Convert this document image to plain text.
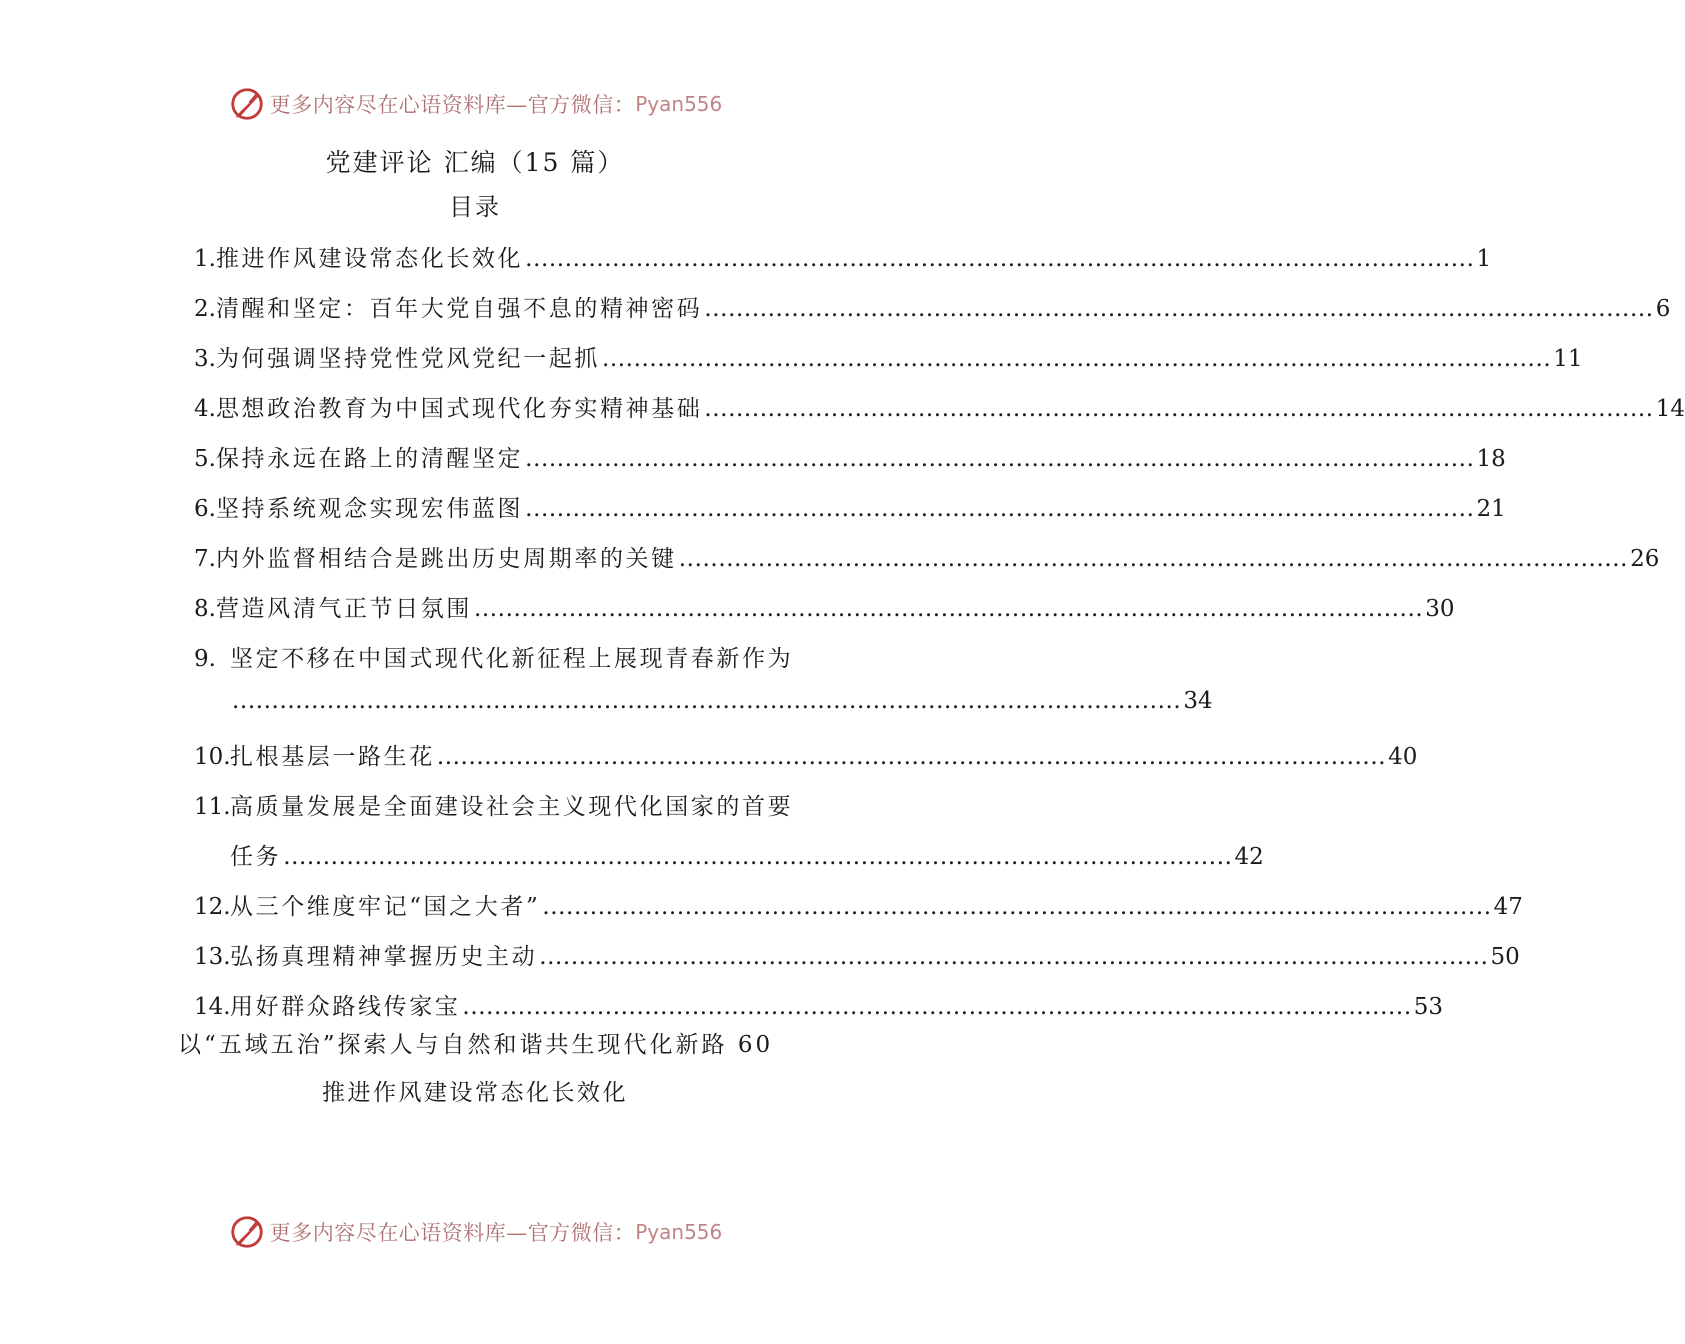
更多内容尽在心语资料库—官方微信： Pyan556
党建评论 汇编（15 篇）
目录
1. 推进作风建设常态化长效化 ........................................................................................................................ 1
2. 清醒和坚定：百年大党自强不息的精神密码 ........................................................................................................................ 6
3. 为何强调坚持党性党风党纪一起抓 ........................................................................................................................ 11
4. 思想政治教育为中国式现代化夯实精神基础 ........................................................................................................................ 14
5. 保持永远在路上的清醒坚定 ........................................................................................................................ 18
6. 坚持系统观念实现宏伟蓝图 ........................................................................................................................ 21
7. 内外监督相结合是跳出历史周期率的关键 ........................................................................................................................ 26
8. 营造风清气正节日氛围 ........................................................................................................................ 30
9. 坚定不移在中国式现代化新征程上展现青春新作为
........................................................................................................................ 34
10. 扎根基层一路生花 ........................................................................................................................ 40
11. 高质量发展是全面建设社会主义现代化国家的首要
任务 ........................................................................................................................ 42
12. 从三个维度牢记“国之大者” ........................................................................................................................ 47
13. 弘扬真理精神掌握历史主动 ........................................................................................................................ 50
14. 用好群众路线传家宝 ........................................................................................................................ 53
以“五域五治”探索人与自然和谐共生现代化新路 60
推进作风建设常态化长效化
更多内容尽在心语资料库—官方微信： Pyan556
